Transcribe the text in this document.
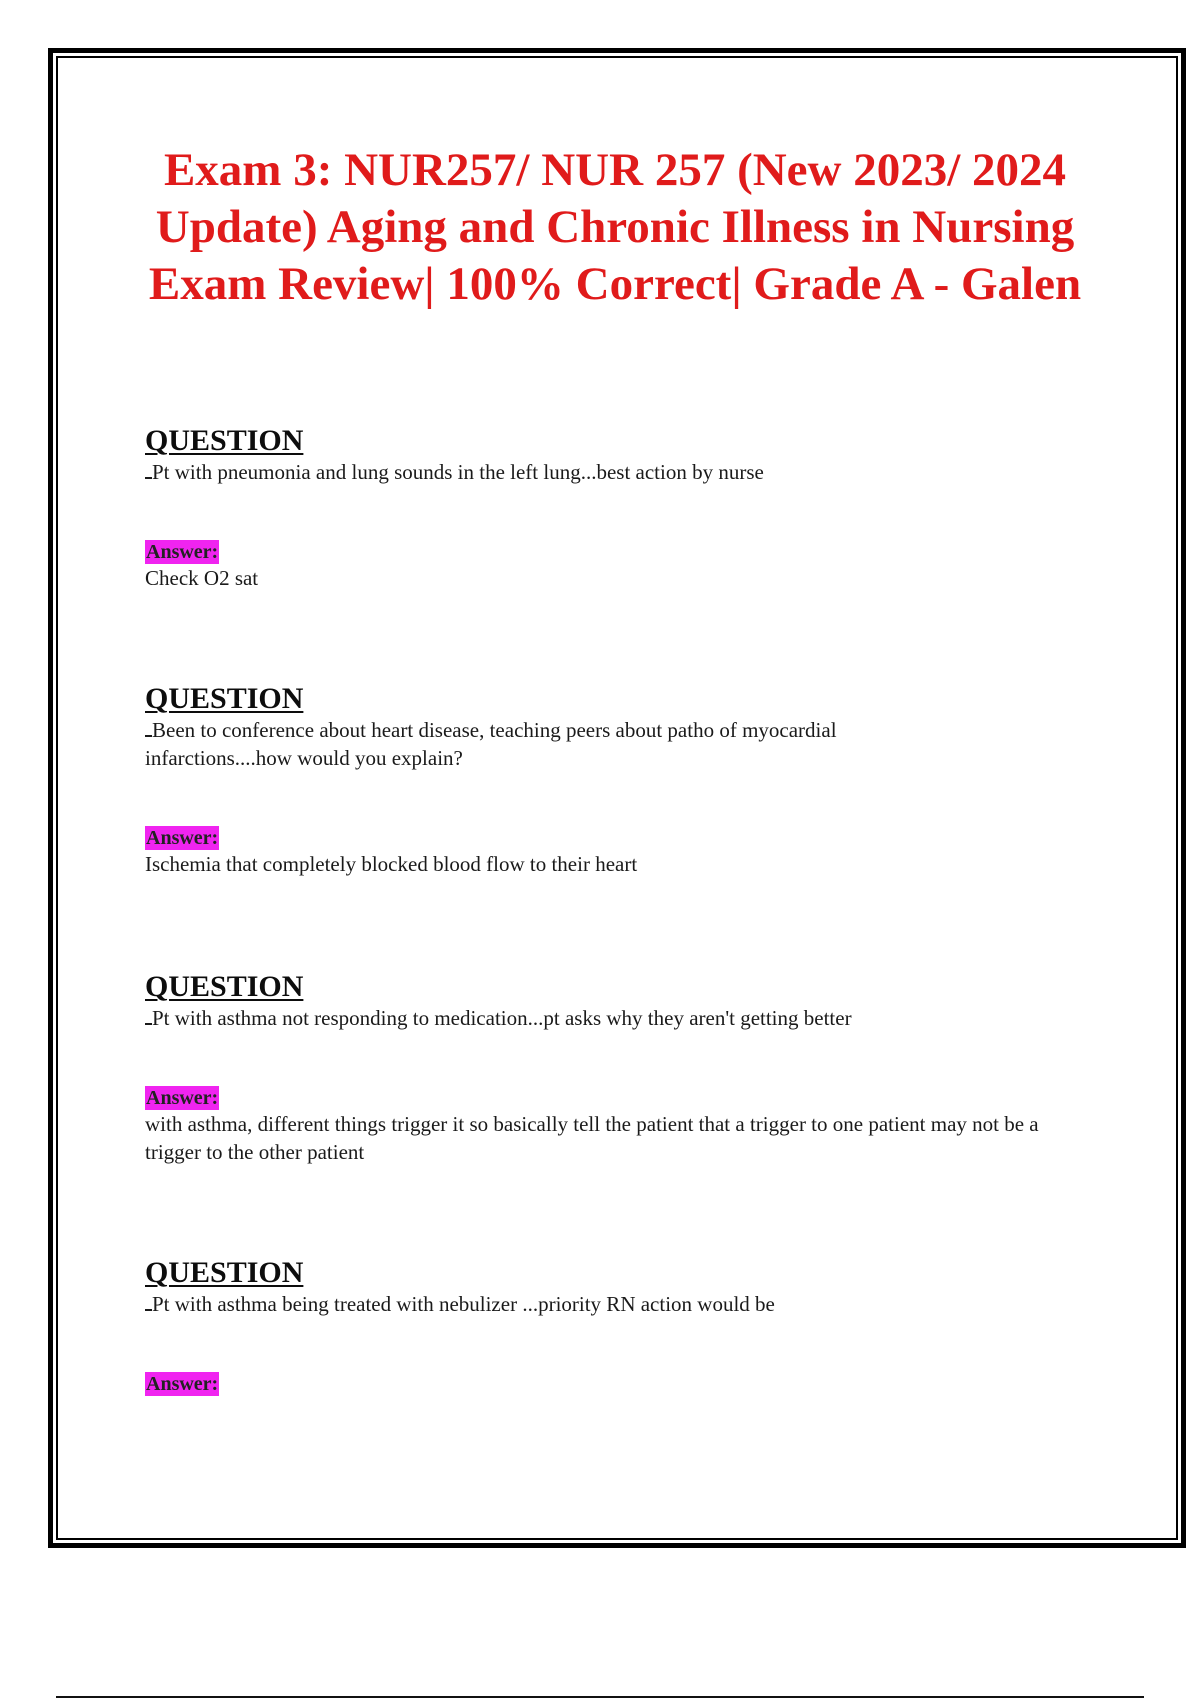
Exam 3: NUR257/ NUR 257 (New 2023/ 2024 Update) Aging and Chronic Illness in Nursing Exam Review| 100% Correct| Grade A - Galen

QUESTION

Pt with pneumonia and lung sounds in the left lung...best action by nurse

Answer:

Check O2 sat

QUESTION

Been to conference about heart disease, teaching peers about patho of myocardial infarctions....how would you explain?

Answer:

Ischemia that completely blocked blood flow to their heart

QUESTION

Pt with asthma not responding to medication...pt asks why they aren't getting better

Answer:

with asthma, different things trigger it so basically tell the patient that a trigger to one patient may not be a trigger to the other patient

QUESTION

Pt with asthma being treated with nebulizer ...priority RN action would be

Answer:
